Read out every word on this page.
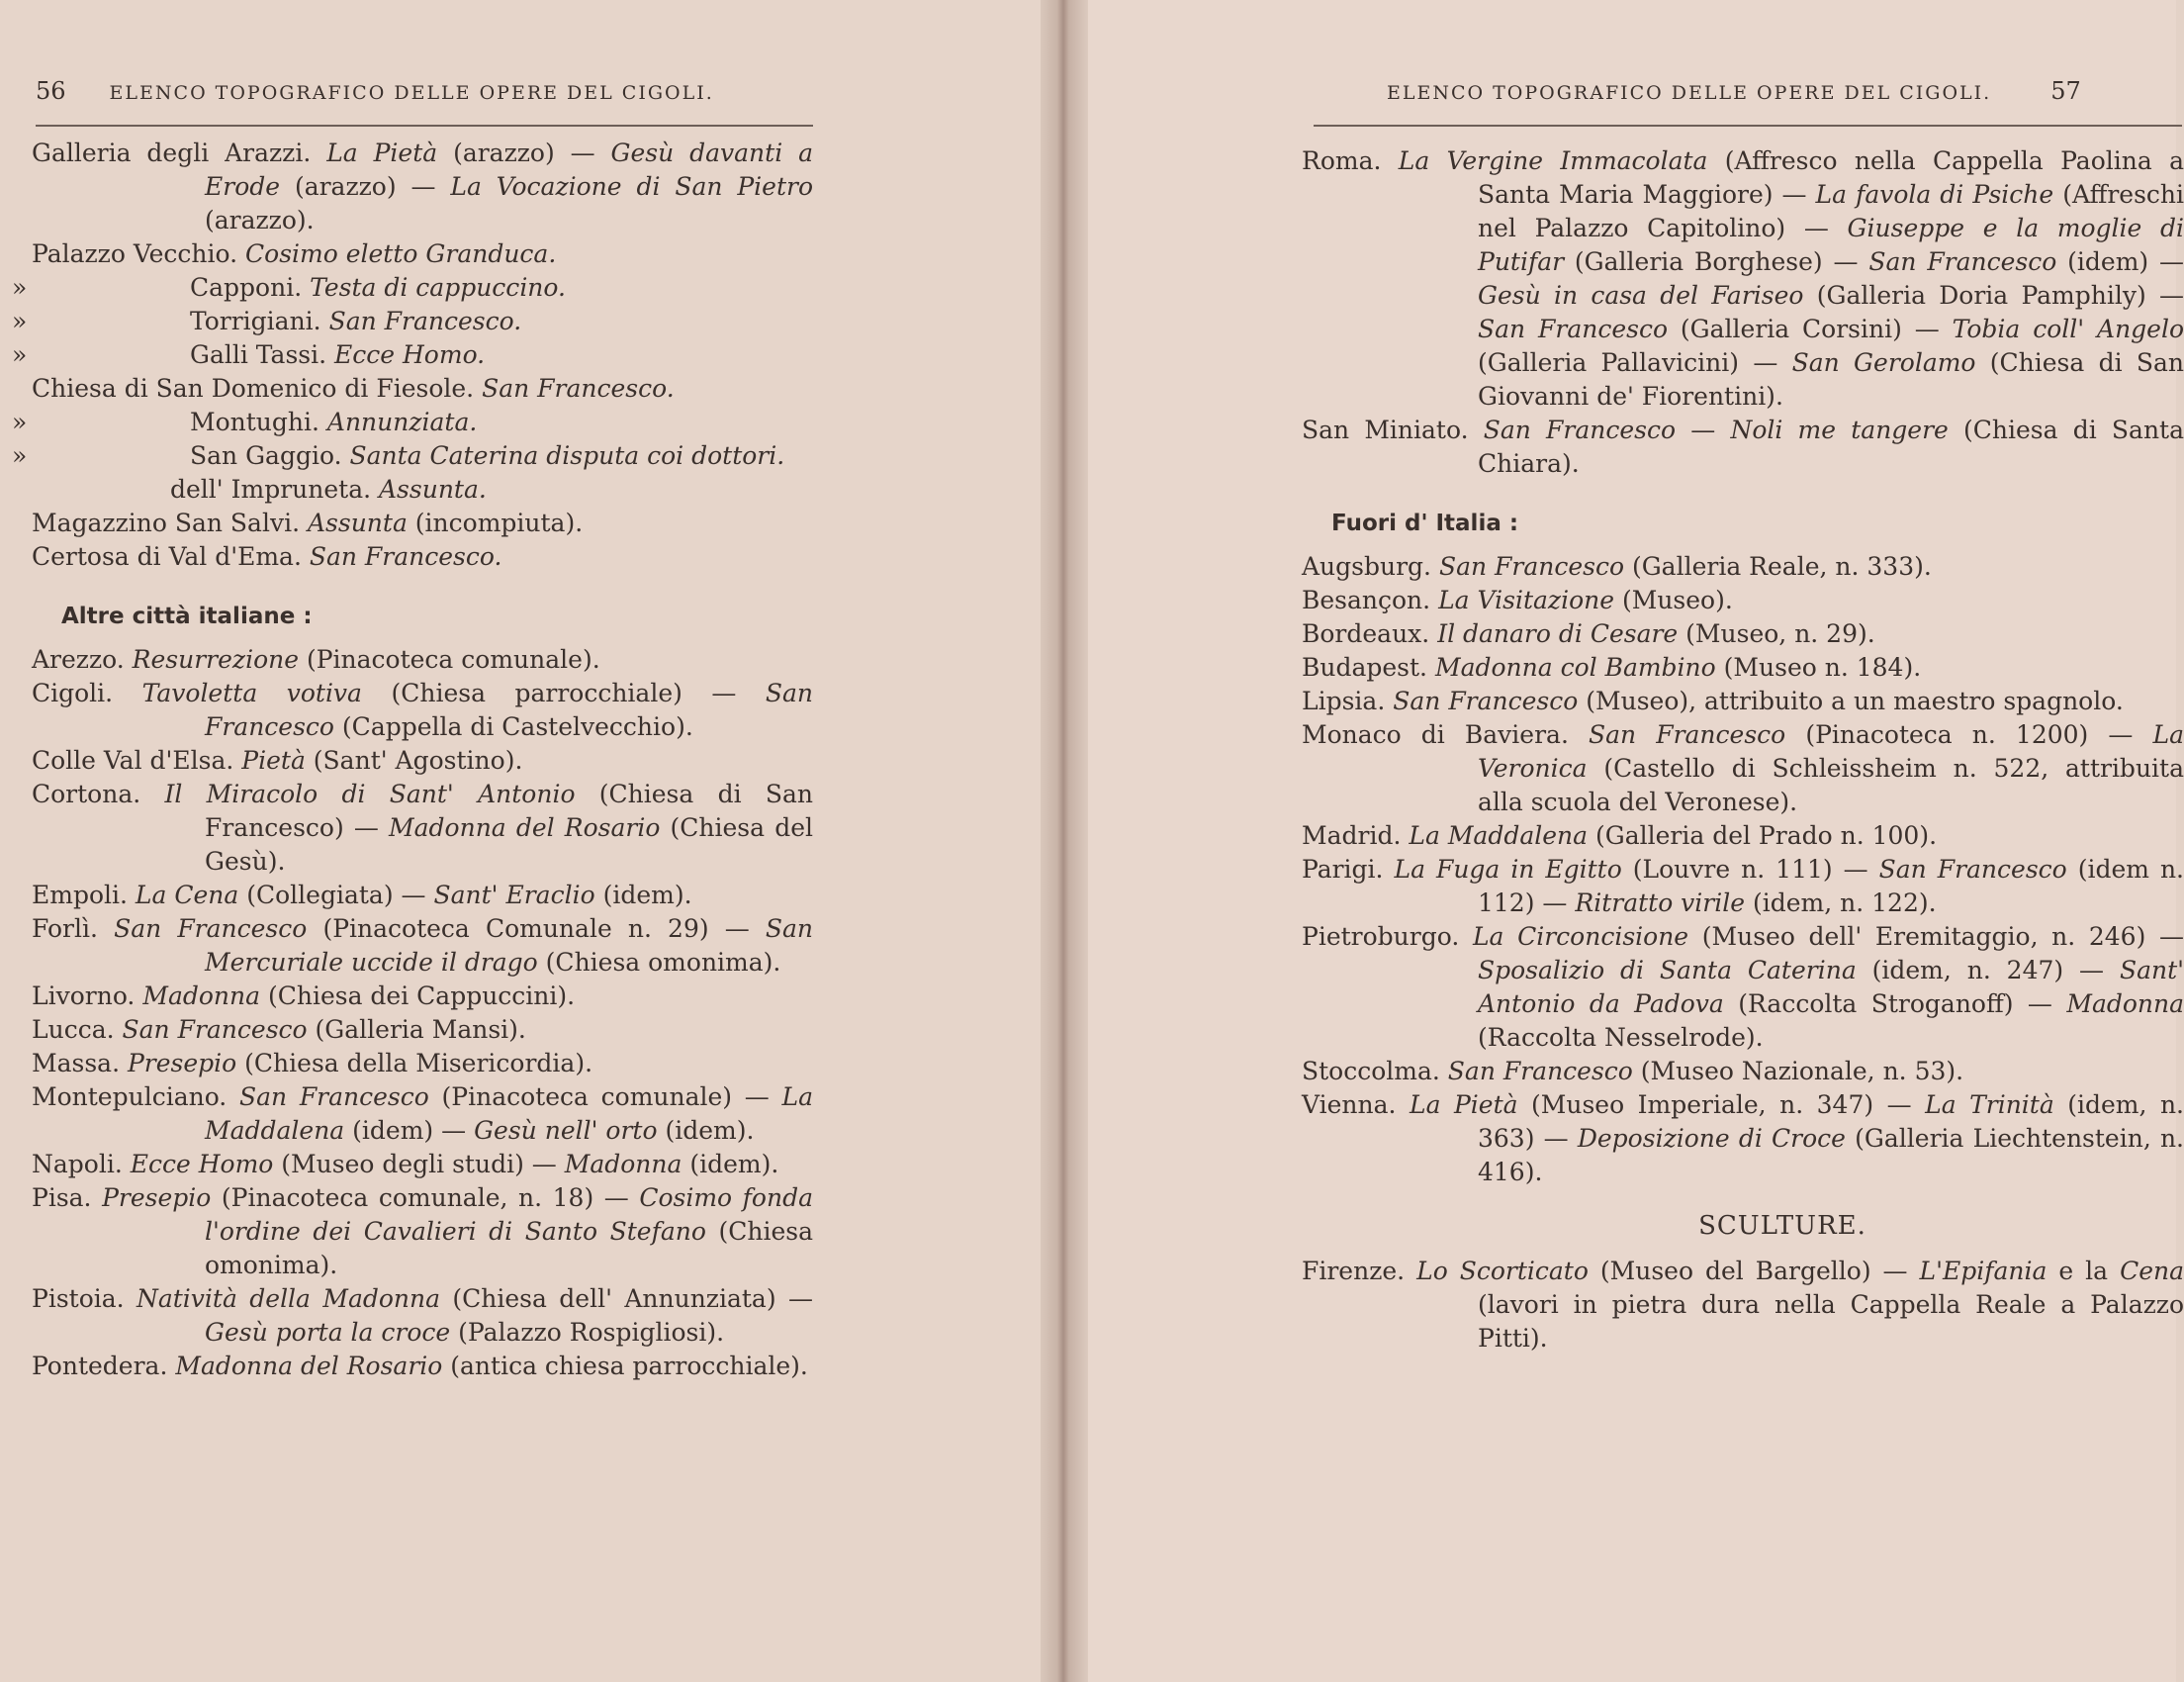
56 ELENCO TOPOGRAFICO DELLE OPERE DEL CIGOLI.
Galleria degli Arazzi. La Pietà (arazzo) — Gesù davanti a Erode (arazzo) — La Vocazione di San Pietro (arazzo).
Palazzo Vecchio. Cosimo eletto Granduca.
»	Capponi. Testa di cappuccino.
»	Torrigiani. San Francesco.
»	Galli Tassi. Ecce Homo.
Chiesa di San Domenico di Fiesole. San Francesco.
»	Montughi. Annunziata.
»	San Gaggio. Santa Caterina disputa coi dottori.
dell' Impruneta. Assunta.
Magazzino San Salvi. Assunta (incompiuta).
Certosa di Val d'Ema. San Francesco.
Altre città italiane :
Arezzo. Resurrezione (Pinacoteca comunale).
Cigoli. Tavoletta votiva (Chiesa parrocchiale) — San Francesco (Cappella di Castelvecchio).
Colle Val d'Elsa. Pietà (Sant' Agostino).
Cortona. Il Miracolo di Sant' Antonio (Chiesa di San Francesco) — Madonna del Rosario (Chiesa del Gesù).
Empoli. La Cena (Collegiata) — Sant' Eraclio (idem).
Forlì. San Francesco (Pinacoteca Comunale n. 29) — San Mercuriale uccide il drago (Chiesa omonima).
Livorno. Madonna (Chiesa dei Cappuccini).
Lucca. San Francesco (Galleria Mansi).
Massa. Presepio (Chiesa della Misericordia).
Montepulciano. San Francesco (Pinacoteca comunale) — La Maddalena (idem) — Gesù nell' orto (idem).
Napoli. Ecce Homo (Museo degli studi) — Madonna (idem).
Pisa. Presepio (Pinacoteca comunale, n. 18) — Cosimo fonda l'ordine dei Cavalieri di Santo Stefano (Chiesa omonima).
Pistoia. Natività della Madonna (Chiesa dell' Annunziata) — Gesù porta la croce (Palazzo Rospigliosi).
Pontedera. Madonna del Rosario (antica chiesa parrocchiale).
ELENCO TOPOGRAFICO DELLE OPERE DEL CIGOLI.	57
Roma. La Vergine Immacolata (Affresco nella Cappella Paolina a Santa Maria Maggiore) — La favola di Psiche (Affreschi nel Palazzo Capitolino) — Giuseppe e la moglie di Putifar (Galleria Borghese) — San Francesco (idem) — Gesù in casa del Fariseo (Galleria Doria Pamphily) — San Francesco (Galleria Corsini) — Tobia coll' Angelo (Galleria Pallavicini) — San Gerolamo (Chiesa di San Giovanni de' Fiorentini).
San Miniato. San Francesco — Noli me tangere (Chiesa di Santa Chiara).
Fuori d' Italia :
Augsburg. San Francesco (Galleria Reale, n. 333).
Besançon. La Visitazione (Museo).
Bordeaux. Il danaro di Cesare (Museo, n. 29).
Budapest. Madonna col Bambino (Museo n. 184).
Lipsia. San Francesco (Museo), attribuito a un maestro spagnolo.
Monaco di Baviera. San Francesco (Pinacoteca n. 1200) — La Veronica (Castello di Schleissheim n. 522, attribuita alla scuola del Veronese).
Madrid. La Maddalena (Galleria del Prado n. 100).
Parigi. La Fuga in Egitto (Louvre n. 111) — San Francesco (idem n. 112) — Ritratto virile (idem, n. 122).
Pietroburgo. La Circoncisione (Museo dell' Eremitaggio, n. 246) — Sposalizio di Santa Caterina (idem, n. 247) — Sant' Antonio da Padova (Raccolta Stroganoff) — Madonna (Raccolta Nesselrode).
Stoccolma. San Francesco (Museo Nazionale, n. 53).
Vienna. La Pietà (Museo Imperiale, n. 347) — La Trinità (idem, n. 363) — Deposizione di Croce (Galleria Liechtenstein, n. 416).
SCULTURE.
Firenze. Lo Scorticato (Museo del Bargello) — L'Epifania e la Cena (lavori in pietra dura nella Cappella Reale a Palazzo Pitti).
